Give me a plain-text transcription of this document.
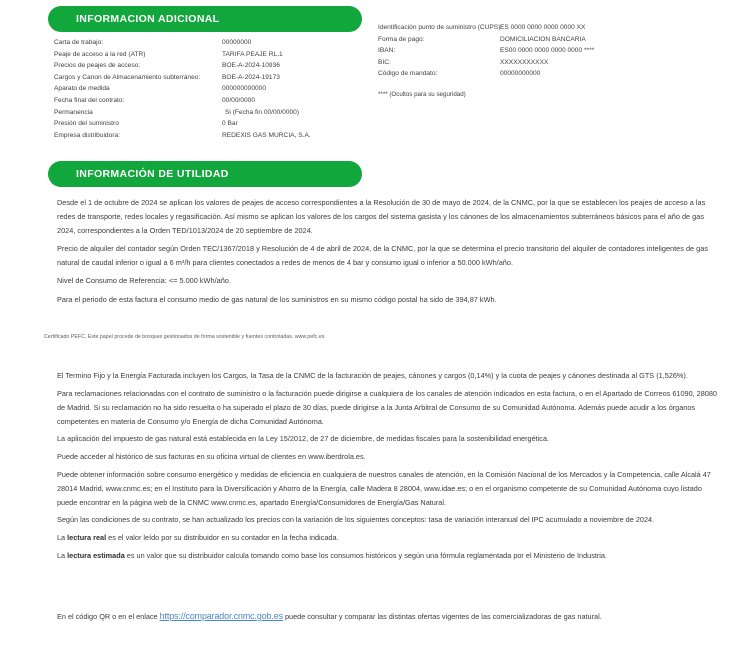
INFORMACION ADICIONAL
Carta de trabajo:	00000000
Peaje de acceso a la red (ATR)	TARIFA PEAJE RL.1
Precios de peajes de acceso:	BOE-A-2024-10936
Cargos y Canon de Almacenamiento subterráneo:	BOE-A-2024-19173
Aparato de medida	000000000000
Fecha final del contrato:	00/00/0000
Permanencia	Si (Fecha fin 00/00/0000)
Presión del suministro	0 Bar
Empresa distribuidora:	REDEXIS GAS MURCIA, S.A.
Identificación punto de suministro (CUPS):
ES 0000 0000 0000 0000 XX
Forma de pago:	DOMICILIACION BANCARIA
IBAN:	ES00 0000 0000 0000 0000 ****
BIC:	XXXXXXXXXXX
Código de mandato:	00000000000
**** (Ocultos para su seguridad)
INFORMACIÓN DE UTILIDAD

Desde el 1 de octubre de 2024 se aplican los valores de peajes de acceso correspondientes a la Resolución de 30 de mayo de 2024, de la CNMC, por la que se establecen los peajes de acceso a las redes de transporte, redes locales y regasificación. Así mismo se aplican los valores de los cargos del sistema gasista y los cánones de los almacenamientos subterráneos básicos para el año de gas 2024, correspondientes a la Orden TED/1013/2024 de 20 septiembre de 2024.

Precio de alquiler del contador según Orden TEC/1367/2018 y Resolución de 4 de abril de 2024, de la CNMC, por la que se determina el precio transitorio del alquiler de contadores inteligentes de gas natural de caudal inferior o igual a 6 m³/h para clientes conectados a redes de menos de 4 bar y consumo igual o inferior a 50.000 kWh/año.

Nivel de Consumo de Referencia: <= 5.000 kWh/año.

Para el periodo de esta factura el consumo medio de gas natural de los suministros en su mismo código postal ha sido de 394,87 kWh.

Certificado PEFC. Este papel procede de bosques gestionados de forma sostenible y fuentes controladas. www.pefc.es

El Termino Fijo y la Energía Facturada incluyen los Cargos, la Tasa de la CNMC de la facturación de peajes, cánones y cargos (0,14%) y la cuota de peajes y cánones destinada al GTS (1,526%).

Para reclamaciones relacionadas con el contrato de suministro o la facturación puede dirigirse a cualquiera de los canales de atención indicados en esta factura, o en el Apartado de Correos 61090, 28080 de Madrid. Si su reclamación no ha sido resuelta o ha superado el plazo de 30 días, puede dirigirse a la Junta Arbitral de Consumo de su Comunidad Autónoma. Además puede acudir a los órganos competentes en materia de Consumo y/o Energía de dicha Comunidad Autónoma.

La aplicación del impuesto de gas natural está establecida en la Ley 15/2012, de 27 de diciembre, de medidas fiscales para la sostenibilidad energética.

Puede acceder al histórico de sus facturas en su oficina virtual de clientes en www.iberdrola.es.

Puede obtener información sobre consumo energético y medidas de eficiencia en cualquiera de nuestros canales de atención, en la Comisión Nacional de los Mercados y la Competencia, calle Alcalá 47 28014 Madrid, www.cnmc.es; en el Instituto para la Diversificación y Ahorro de la Energía, calle Madera 8 28004, www.idae.es; o en el organismo competente de su Comunidad Autónoma cuyo listado puede encontrar en la página web de la CNMC www.cnmc.es, apartado Energía/Consumidores de Energía/Gas Natural.

Según las condiciones de su contrato, se han actualizado los precios con la variación de los siguientes conceptos: tasa de variación interanual del IPC acumulado a noviembre de 2024.

La lectura real es el valor leído por su distribuidor en su contador en la fecha indicada.

La lectura estimada es un valor que su distribuidor calcula tomando como base los consumos históricos y según una fórmula reglamentada por el Ministerio de Industria.

En el código QR o en el enlace https://comparador.cnmc.gob.es puede consultar y comparar las distintas ofertas vigentes de las comercializadoras de gas natural.
